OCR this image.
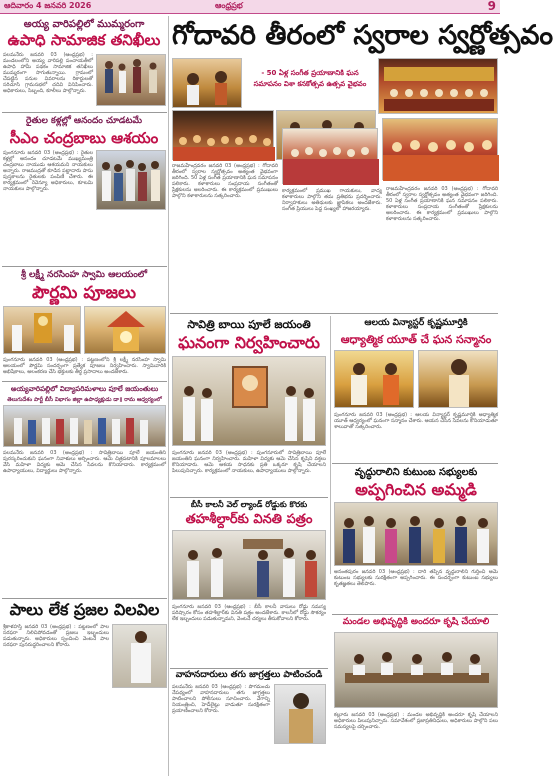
ఆదివారం 4 జనవరి 2026	ఆంధ్రప్రభ	9
అయ్య వారిపల్లిలో ముమ్మరంగా
ఉపాధి సామాజిక తనిఖీలు
పలమనేరు జనవరి 03 (ఆంధ్రప్రభ) : మండలంలోని అయ్య వారిపల్లి పంచాయతీలో ఉపాధి హామీ పథకం సామాజిక తనిఖీలు ముమ్మరంగా సాగుతున్నాయి. గ్రామంలో చేపట్టిన పనుల వివరాలను రికార్డులతో సరిచూసి గ్రామసభలో చదివి వినిపించారు. అధికారులు, సిబ్బంది, కూలీలు పాల్గొన్నారు.
రైతుల కళ్లల్లో ఆనందం చూడటమే
సీఎం చంద్రబాబు ఆశయం
పుంగనూరు జనవరి 03 (ఆంధ్రప్రభ) : రైతుల కళ్లల్లో ఆనందం చూడటమే ముఖ్యమంత్రి చంద్రబాబు నాయుడు ఆశయమని నాయకులు అన్నారు. రాజముద్రతో కూడిన పట్టాదారు పాసు పుస్తకాలను రైతులకు పంపిణీ చేశారు. ఈ కార్యక్రమంలో రెవెన్యూ అధికారులు, కూటమి నాయకులు పాల్గొన్నారు.
శ్రీ లక్ష్మీ నరసింహ స్వామి ఆలయంలో
పౌర్ణమి పూజలు
పుంగనూరు జనవరి 03 (ఆంధ్రప్రభ) : పట్టణంలోని శ్రీ లక్ష్మీ నరసింహ స్వామి ఆలయంలో పౌర్ణమి సందర్భంగా ప్రత్యేక పూజలు నిర్వహించారు. స్వామివారికి అభిషేకాలు, అలంకరణ చేసి భక్తులకు తీర్థ ప్రసాదాలు అందజేశారు.
అయ్యవారిపల్లిలో విద్యాపరిమళాలు పూలే జయంతులు
తెలుగుదేశం పార్టీ బీసీ విభాగం జిల్లా ఉపాధ్యక్షుడు డా॥ రామ ఆధ్వర్యంలో
పలమనేరు జనవరి 03 (ఆంధ్రప్రభ) : సావిత్రిబాయి పూలే జయంతిని పురస్కరించుకుని ఘనంగా నివాళులు అర్పించారు. ఆమె చిత్రపటానికి పూలమాలలు వేసి మహిళా విద్యకు ఆమె చేసిన సేవలను కొనియాడారు. కార్యక్రమంలో ఉపాధ్యాయులు, విద్యార్థులు పాల్గొన్నారు.
పాలు లేక ప్రజల విలవిల
శ్రీకాళహస్తి జనవరి 03 (ఆంధ్రప్రభ) : పట్టణంలో పాల సరఫరా నిలిచిపోవడంతో ప్రజలు ఇబ్బందులు పడుతున్నారు. అధికారులు స్పందించి వెంటనే పాల సరఫరా పునరుద్ధరించాలని కోరారు.
గోదావరి తీరంలో స్వరాల స్వర్ణోత్సవం
- 50 ఏళ్ల సంగీత ప్రయాణానికి ఘన
సమాపనం విశా కనకోత్సవ ఉత్సవ వైభవం
రాజమహేంద్రవరం జనవరి 03 (ఆంధ్రప్రభ) : గోదావరి తీరంలో స్వరాల స్వర్ణోత్సవం అత్యంత వైభవంగా జరిగింది. 50 ఏళ్ల సంగీత ప్రయాణానికి ఘన సమాపనం పలికారు. కళాకారులు సంప్రదాయ సంగీతంతో ప్రేక్షకులను అలరించారు. ఈ కార్యక్రమంలో ప్రముఖులు పాల్గొని కళాకారులను సత్కరించారు.
కార్యక్రమంలో ప్రముఖ గాయకులు, వాద్య కళాకారులు పాల్గొని తమ ప్రతిభను ప్రదర్శించారు. నిర్వాహకులు అతిథులకు జ్ఞాపికలు అందజేశారు. సంగీత ప్రియులు పెద్ద సంఖ్యలో హాజరయ్యారు.
రాజమహేంద్రవరం జనవరి 03 (ఆంధ్రప్రభ) : గోదావరి తీరంలో స్వరాల స్వర్ణోత్సవం అత్యంత వైభవంగా జరిగింది. 50 ఏళ్ల సంగీత ప్రయాణానికి ఘన సమాపనం పలికారు. కళాకారులు సంప్రదాయ సంగీతంతో ప్రేక్షకులను అలరించారు. ఈ కార్యక్రమంలో ప్రముఖులు పాల్గొని కళాకారులను సత్కరించారు.
సావిత్రి బాయి పూలే జయంతి
ఘనంగా నిర్వహించారు
పుంగనూరు జనవరి 03 (ఆంధ్రప్రభ) : పుంగనూరులో సావిత్రిబాయి పూలే జయంతిని ఘనంగా నిర్వహించారు. మహిళా విద్యకు ఆమె చేసిన కృషిని వక్తలు కొనియాడారు. ఆమె ఆశయ సాధనకు ప్రతి ఒక్కరూ కృషి చేయాలని పిలుపునిచ్చారు. కార్యక్రమంలో నాయకులు, ఉపాధ్యాయులు పాల్గొన్నారు.
ఆలయ విన్యాస్టర్ కృష్ణమూర్తికి
ఆధ్యాత్మిక యూత్ చే ఘన సన్మానం
పుంగనూరు జనవరి 03 (ఆంధ్రప్రభ) : ఆలయ విన్యాస్టర్ కృష్ణమూర్తికి ఆధ్యాత్మిక యూత్ ఆధ్వర్యంలో ఘనంగా సన్మానం చేశారు. ఆయన చేసిన సేవలను కొనియాడుతూ శాలువాతో సత్కరించారు.
వృద్ధురాలిని కుటుంబ సభ్యులకు
అప్పగించిన అమ్మడి
అనంతపురం జనవరి 03 (ఆంధ్రప్రభ) : దారి తప్పిన వృద్ధురాలిని గుర్తించి ఆమె కుటుంబ సభ్యులకు సురక్షితంగా అప్పగించారు. ఈ సందర్భంగా కుటుంబ సభ్యులు కృతజ్ఞతలు తెలిపారు.
బీసీ కాలనీ వెల్ ల్యాండ్ రోడ్డుకు కొరకు
తహశీల్దార్‌కు వినతి పత్రం
పుంగనూరు జనవరి 03 (ఆంధ్రప్రభ) : బీసీ కాలనీ వాసులు రోడ్డు సమస్య పరిష్కారం కోసం తహశీల్దార్‌కు వినతి పత్రం అందజేశారు. కాలనీలో రోడ్డు సౌకర్యం లేక ఇబ్బందులు పడుతున్నామని, వెంటనే చర్యలు తీసుకోవాలని కోరారు.
వాహనదారులు తగు జాగ్రత్తలు పాటించండి
పలమనేరు జనవరి 03 (ఆంధ్రప్రభ) : పొగమంచు నేపథ్యంలో వాహనదారులు తగు జాగ్రత్తలు పాటించాలని పోలీసులు సూచించారు. వేగాన్ని నియంత్రించి, హెడ్‌లైట్లు వాడుతూ సురక్షితంగా ప్రయాణించాలని కోరారు.
మండల అభివృద్ధికి అందరూ కృషి చేయాలి
కల్లూరు జనవరి 03 (ఆంధ్రప్రభ) : మండల అభివృద్ధికి అందరూ కృషి చేయాలని అధికారులు పిలుపునిచ్చారు. సమావేశంలో ప్రజాప్రతినిధులు, అధికారులు పాల్గొని పలు సమస్యలపై చర్చించారు.
